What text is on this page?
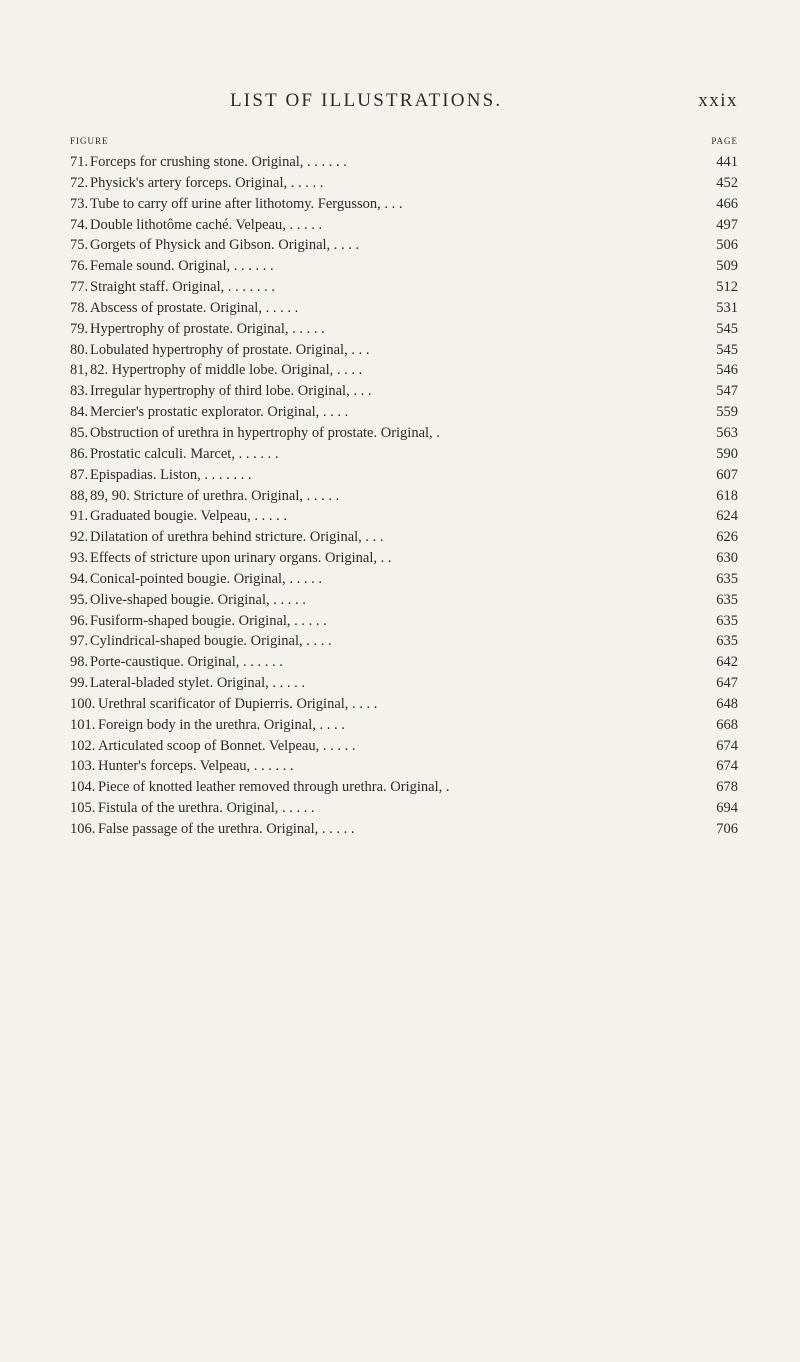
LIST OF ILLUSTRATIONS.	xxix
FIGURE	PAGE
71. Forceps for crushing stone. Original, . . . . . .	441
72. Physick's artery forceps. Original, . . . . .	452
73. Tube to carry off urine after lithotomy. Fergusson, . . .	466
74. Double lithotôme caché. Velpeau, . . . . .	497
75. Gorgets of Physick and Gibson. Original, . . . .	506
76. Female sound. Original, . . . . . .	509
77. Straight staff. Original, . . . . . . .	512
78. Abscess of prostate. Original, . . . . .	531
79. Hypertrophy of prostate. Original, . . . . .	545
80. Lobulated hypertrophy of prostate. Original, . . .	545
81, 82. Hypertrophy of middle lobe. Original, . . . .	546
83. Irregular hypertrophy of third lobe. Original, . . .	547
84. Mercier's prostatic explorator. Original, . . . .	559
85. Obstruction of urethra in hypertrophy of prostate. Original, .	563
86. Prostatic calculi. Marcet, . . . . . .	590
87. Epispadias. Liston, . . . . . . .	607
88, 89, 90. Stricture of urethra. Original, . . . . .	618
91. Graduated bougie. Velpeau, . . . . .	624
92. Dilatation of urethra behind stricture. Original, . . .	626
93. Effects of stricture upon urinary organs. Original, . .	630
94. Conical-pointed bougie. Original, . . . . .	635
95. Olive-shaped bougie. Original, . . . . .	635
96. Fusiform-shaped bougie. Original, . . . . .	635
97. Cylindrical-shaped bougie. Original, . . . .	635
98. Porte-caustique. Original, . . . . . .	642
99. Lateral-bladed stylet. Original, . . . . .	647
100. Urethral scarificator of Dupierris. Original, . . . .	648
101. Foreign body in the urethra. Original, . . . .	668
102. Articulated scoop of Bonnet. Velpeau, . . . . .	674
103. Hunter's forceps. Velpeau, . . . . . .	674
104. Piece of knotted leather removed through urethra. Original, .	678
105. Fistula of the urethra. Original, . . . . .	694
106. False passage of the urethra. Original, . . . . .	706
